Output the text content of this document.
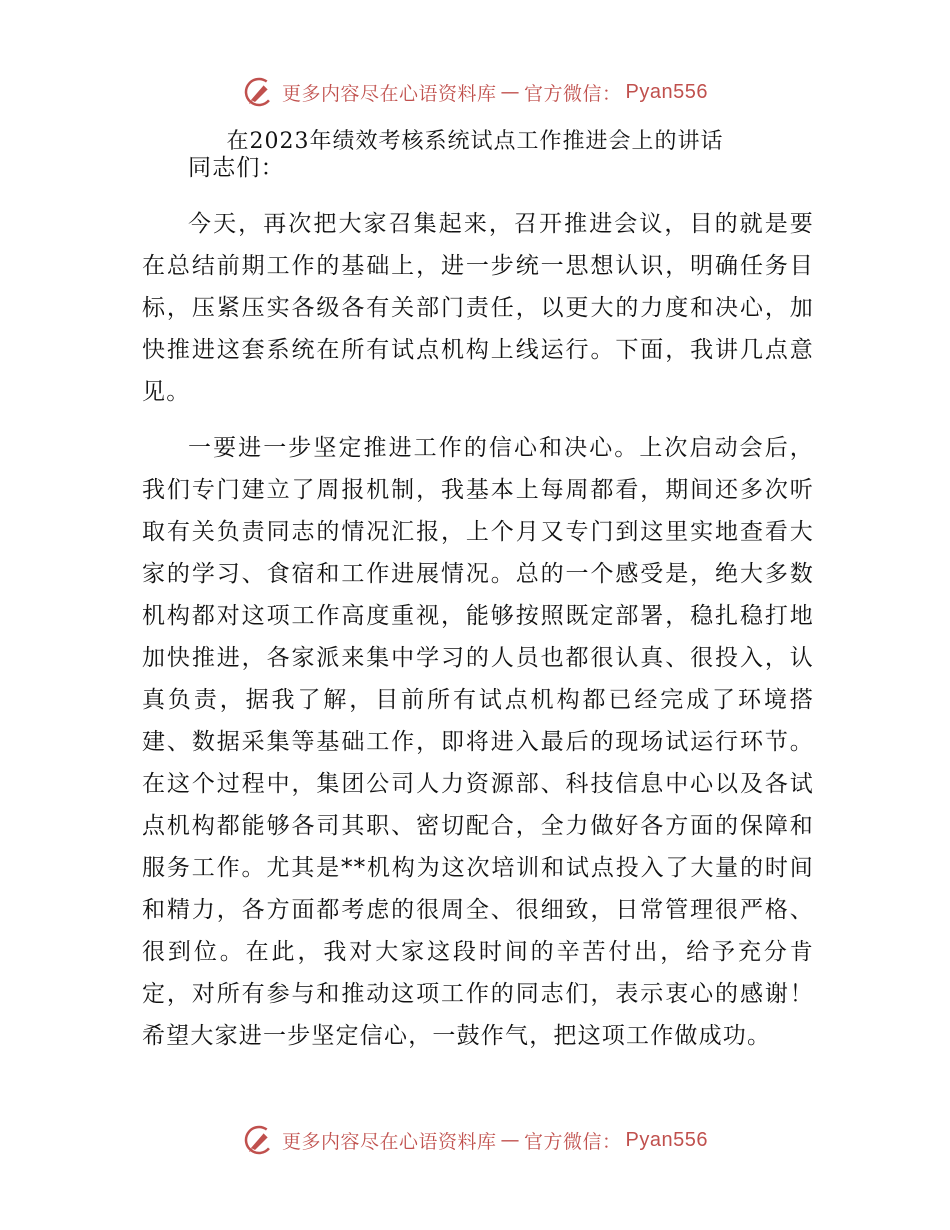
更多内容尽在心语资料库 — 官方微信： Pyan556
在2023年绩效考核系统试点工作推进会上的讲话

同志们：

今天，再次把大家召集起来，召开推进会议，目的就是要在总结前期工作的基础上，进一步统一思想认识，明确任务目标，压紧压实各级各有关部门责任，以更大的力度和决心，加快推进这套系统在所有试点机构上线运行。下面，我讲几点意见。

一要进一步坚定推进工作的信心和决心。上次启动会后，我们专门建立了周报机制，我基本上每周都看，期间还多次听取有关负责同志的情况汇报，上个月又专门到这里实地查看大家的学习、食宿和工作进展情况。总的一个感受是，绝大多数机构都对这项工作高度重视，能够按照既定部署，稳扎稳打地加快推进，各家派来集中学习的人员也都很认真、很投入，认真负责，据我了解，目前所有试点机构都已经完成了环境搭建、数据采集等基础工作，即将进入最后的现场试运行环节。在这个过程中，集团公司人力资源部、科技信息中心以及各试点机构都能够各司其职、密切配合，全力做好各方面的保障和服务工作。尤其是**机构为这次培训和试点投入了大量的时间和精力，各方面都考虑的很周全、很细致，日常管理很严格、很到位。在此，我对大家这段时间的辛苦付出，给予充分肯定，对所有参与和推动这项工作的同志们，表示衷心的感谢！希望大家进一步坚定信心，一鼓作气，把这项工作做成功。

更多内容尽在心语资料库 — 官方微信： Pyan556
